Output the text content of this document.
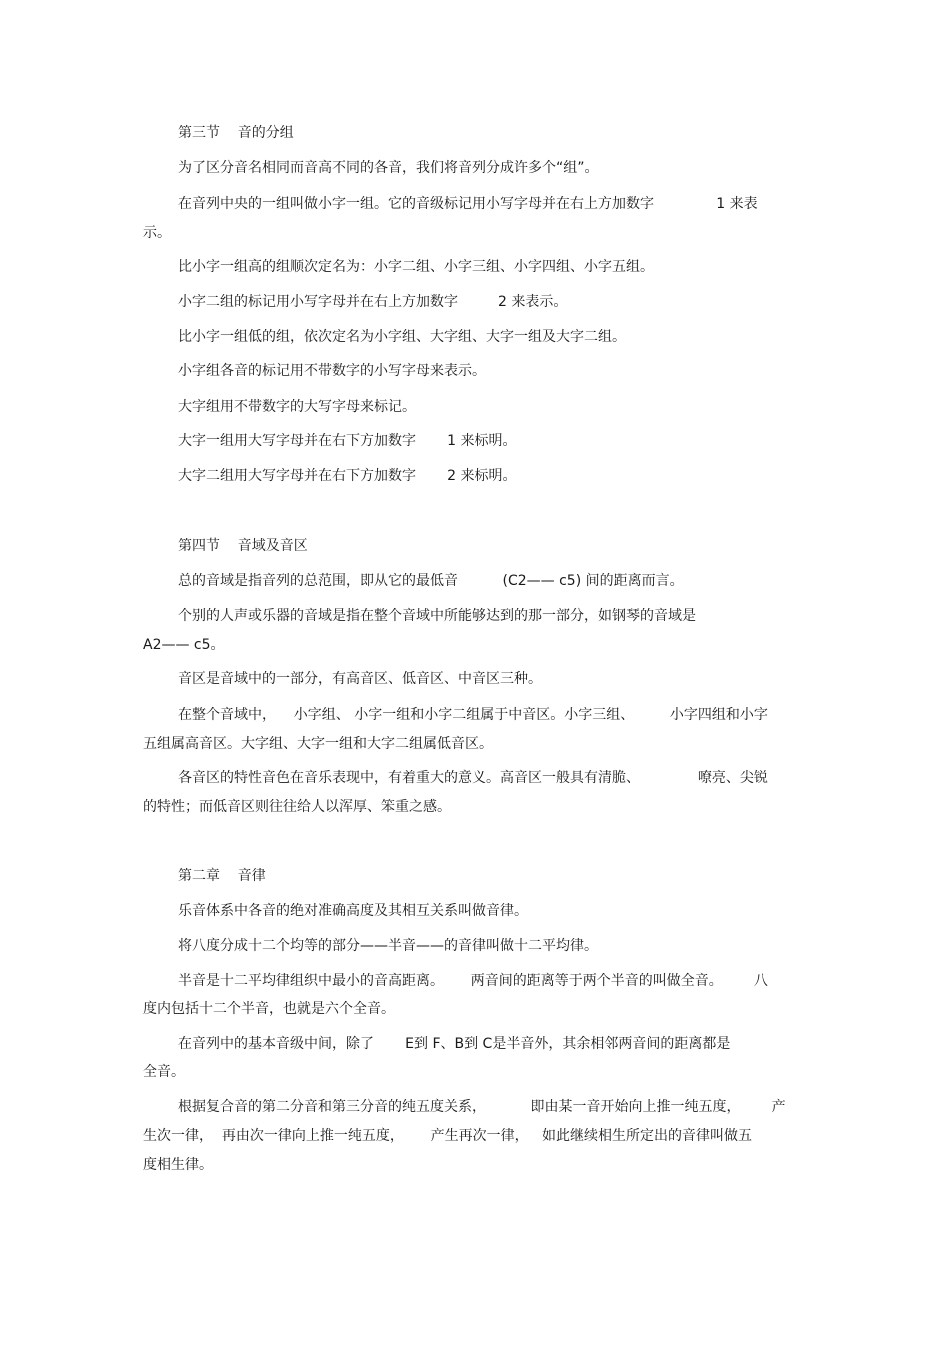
第三节    音的分组
为了区分音名相同而音高不同的各音，我们将音列分成许多个“组”。
在音列中央的一组叫做小字一组。它的音级标记用小写字母并在右上方加数字              1 来表
示。
比小字一组高的组顺次定名为：小字二组、小字三组、小字四组、小字五组。
小字二组的标记用小写字母并在右上方加数字         2 来表示。
比小字一组低的组，依次定名为小字组、大字组、大字一组及大字二组。
小字组各音的标记用不带数字的小写字母来表示。
大字组用不带数字的大写字母来标记。
大字一组用大写字母并在右下方加数字       1 来标明。
大字二组用大写字母并在右下方加数字       2 来标明。
第四节    音域及音区
总的音域是指音列的总范围，即从它的最低音          (C2—— c5) 间的距离而言。
个别的人声或乐器的音域是指在整个音域中所能够达到的那一部分，如钢琴的音域是
A2—— c5。
音区是音域中的一部分，有高音区、低音区、中音区三种。
在整个音域中，    小字组、 小字一组和小字二组属于中音区。小字三组、        小字四组和小字
五组属高音区。大字组、大字一组和大字二组属低音区。
各音区的特性音色在音乐表现中，有着重大的意义。高音区一般具有清脆、             嘹亮、尖锐
的特性；而低音区则往往给人以浑厚、笨重之感。
第二章    音律
乐音体系中各音的绝对准确高度及其相互关系叫做音律。
将八度分成十二个均等的部分——半音——的音律叫做十二平均律。
半音是十二平均律组织中最小的音高距离。      两音间的距离等于两个半音的叫做全音。       八
度内包括十二个半音，也就是六个全音。
在音列中的基本音级中间，除了       E到 F、B到 C是半音外，其余相邻两音间的距离都是
全音。
根据复合音的第二分音和第三分音的纯五度关系，          即由某一音开始向上推一纯五度，       产
生次一律，  再由次一律向上推一纯五度，      产生再次一律，   如此继续相生所定出的音律叫做五
度相生律。
